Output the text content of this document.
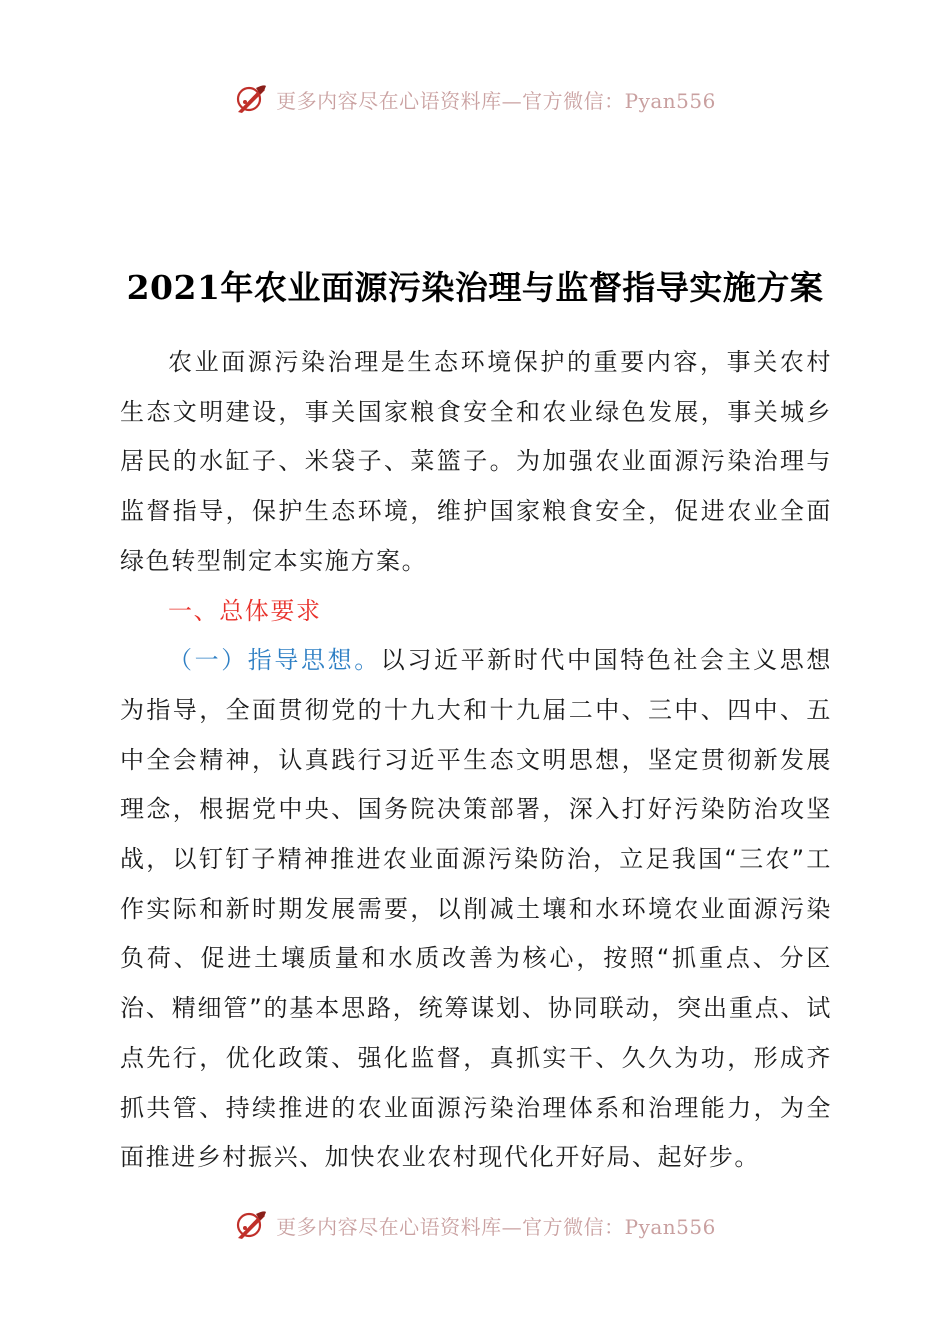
更多内容尽在心语资料库—官方微信：Pyan556
2021年农业面源污染治理与监督指导实施方案

农业面源污染治理是生态环境保护的重要内容，事关农村生态文明建设，事关国家粮食安全和农业绿色发展，事关城乡居民的水缸子、米袋子、菜篮子。为加强农业面源污染治理与监督指导，保护生态环境，维护国家粮食安全，促进农业全面绿色转型制定本实施方案。

一、总体要求

（一）指导思想。以习近平新时代中国特色社会主义思想为指导，全面贯彻党的十九大和十九届二中、三中、四中、五中全会精神，认真践行习近平生态文明思想，坚定贯彻新发展理念，根据党中央、国务院决策部署，深入打好污染防治攻坚战，以钉钉子精神推进农业面源污染防治，立足我国“三农”工作实际和新时期发展需要，以削减土壤和水环境农业面源污染负荷、促进土壤质量和水质改善为核心，按照“抓重点、分区治、精细管”的基本思路，统筹谋划、协同联动，突出重点、试点先行，优化政策、强化监督，真抓实干、久久为功，形成齐抓共管、持续推进的农业面源污染治理体系和治理能力，为全面推进乡村振兴、加快农业农村现代化开好局、起好步。

更多内容尽在心语资料库—官方微信：Pyan556
